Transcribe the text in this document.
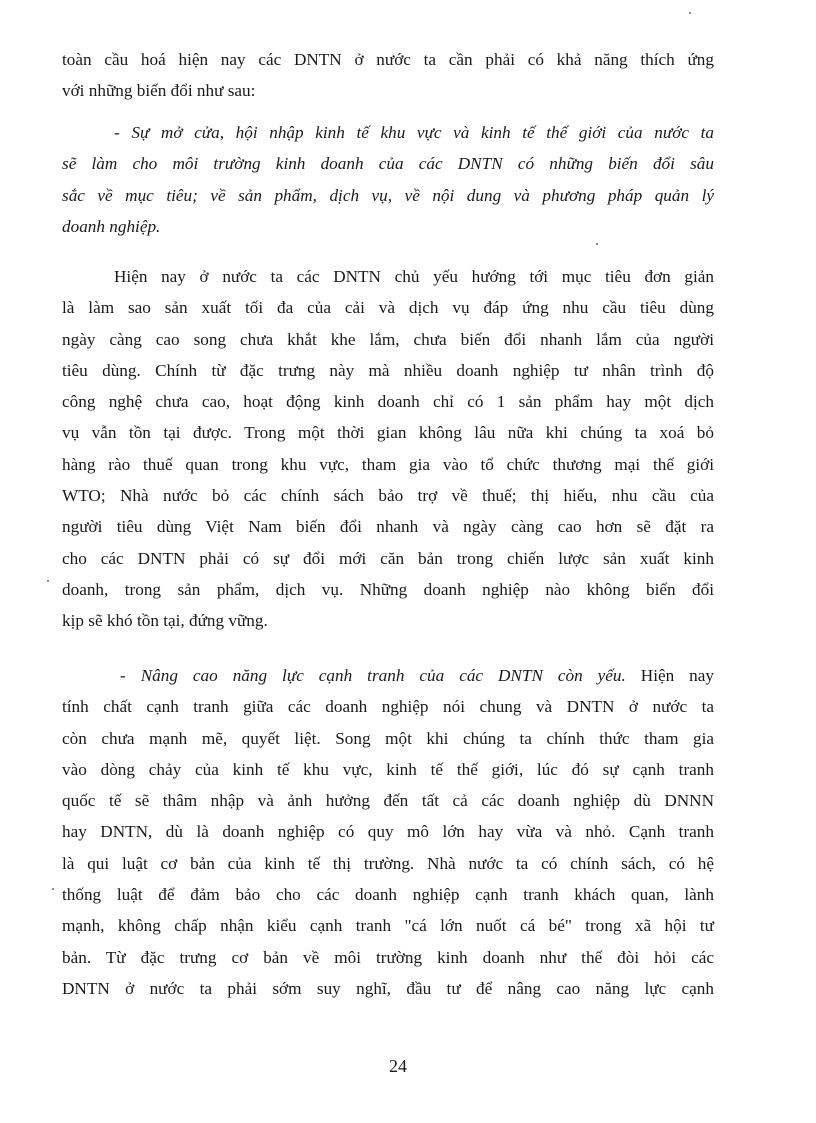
toàn cầu hoá hiện nay các DNTN ở nước ta cần phải có khả năng thích ứng
với những biến đổi như sau:
- Sự mở cửa, hội nhập kinh tế khu vực và kinh tế thế giới của nước ta
sẽ làm cho môi trường kinh doanh của các DNTN có những biến đổi sâu
sắc về mục tiêu; về sản phẩm, dịch vụ, về nội dung và phương pháp quản lý
doanh nghiệp.
Hiện nay ở nước ta các DNTN chủ yếu hướng tới mục tiêu đơn giản
là làm sao sản xuất tối đa của cải và dịch vụ đáp ứng nhu cầu tiêu dùng
ngày càng cao song chưa khắt khe lắm, chưa biến đổi nhanh lắm của người
tiêu dùng. Chính từ đặc trưng này mà nhiều doanh nghiệp tư nhân trình độ
công nghệ chưa cao, hoạt động kinh doanh chỉ có 1 sản phẩm hay một dịch
vụ vẫn tồn tại được. Trong một thời gian không lâu nữa khi chúng ta xoá bỏ
hàng rào thuế quan trong khu vực, tham gia vào tổ chức thương mại thế giới
WTO; Nhà nước bỏ các chính sách bảo trợ về thuế; thị hiếu, nhu cầu của
người tiêu dùng Việt Nam biến đổi nhanh và ngày càng cao hơn sẽ đặt ra
cho các DNTN phải có sự đổi mới căn bản trong chiến lược sản xuất kinh
doanh, trong sản phẩm, dịch vụ. Những doanh nghiệp nào không biến đổi
kịp sẽ khó tồn tại, đứng vững.
- Nâng cao năng lực cạnh tranh của các DNTN còn yếu. Hiện nay
tính chất cạnh tranh giữa các doanh nghiệp nói chung và DNTN ở nước ta
còn chưa mạnh mẽ, quyết liệt. Song một khi chúng ta chính thức tham gia
vào dòng chảy của kinh tế khu vực, kinh tế thế giới, lúc đó sự cạnh tranh
quốc tế sẽ thâm nhập và ảnh hưởng đến tất cả các doanh nghiệp dù DNNN
hay DNTN, dù là doanh nghiệp có quy mô lớn hay vừa và nhỏ. Cạnh tranh
là qui luật cơ bản của kinh tế thị trường. Nhà nước ta có chính sách, có hệ
thống luật để đảm bảo cho các doanh nghiệp cạnh tranh khách quan, lành
mạnh, không chấp nhận kiểu cạnh tranh "cá lớn nuốt cá bé" trong xã hội tư
bản. Từ đặc trưng cơ bản về môi trường kinh doanh như thế đòi hỏi các
DNTN ở nước ta phải sớm suy nghĩ, đầu tư để nâng cao năng lực cạnh
24
